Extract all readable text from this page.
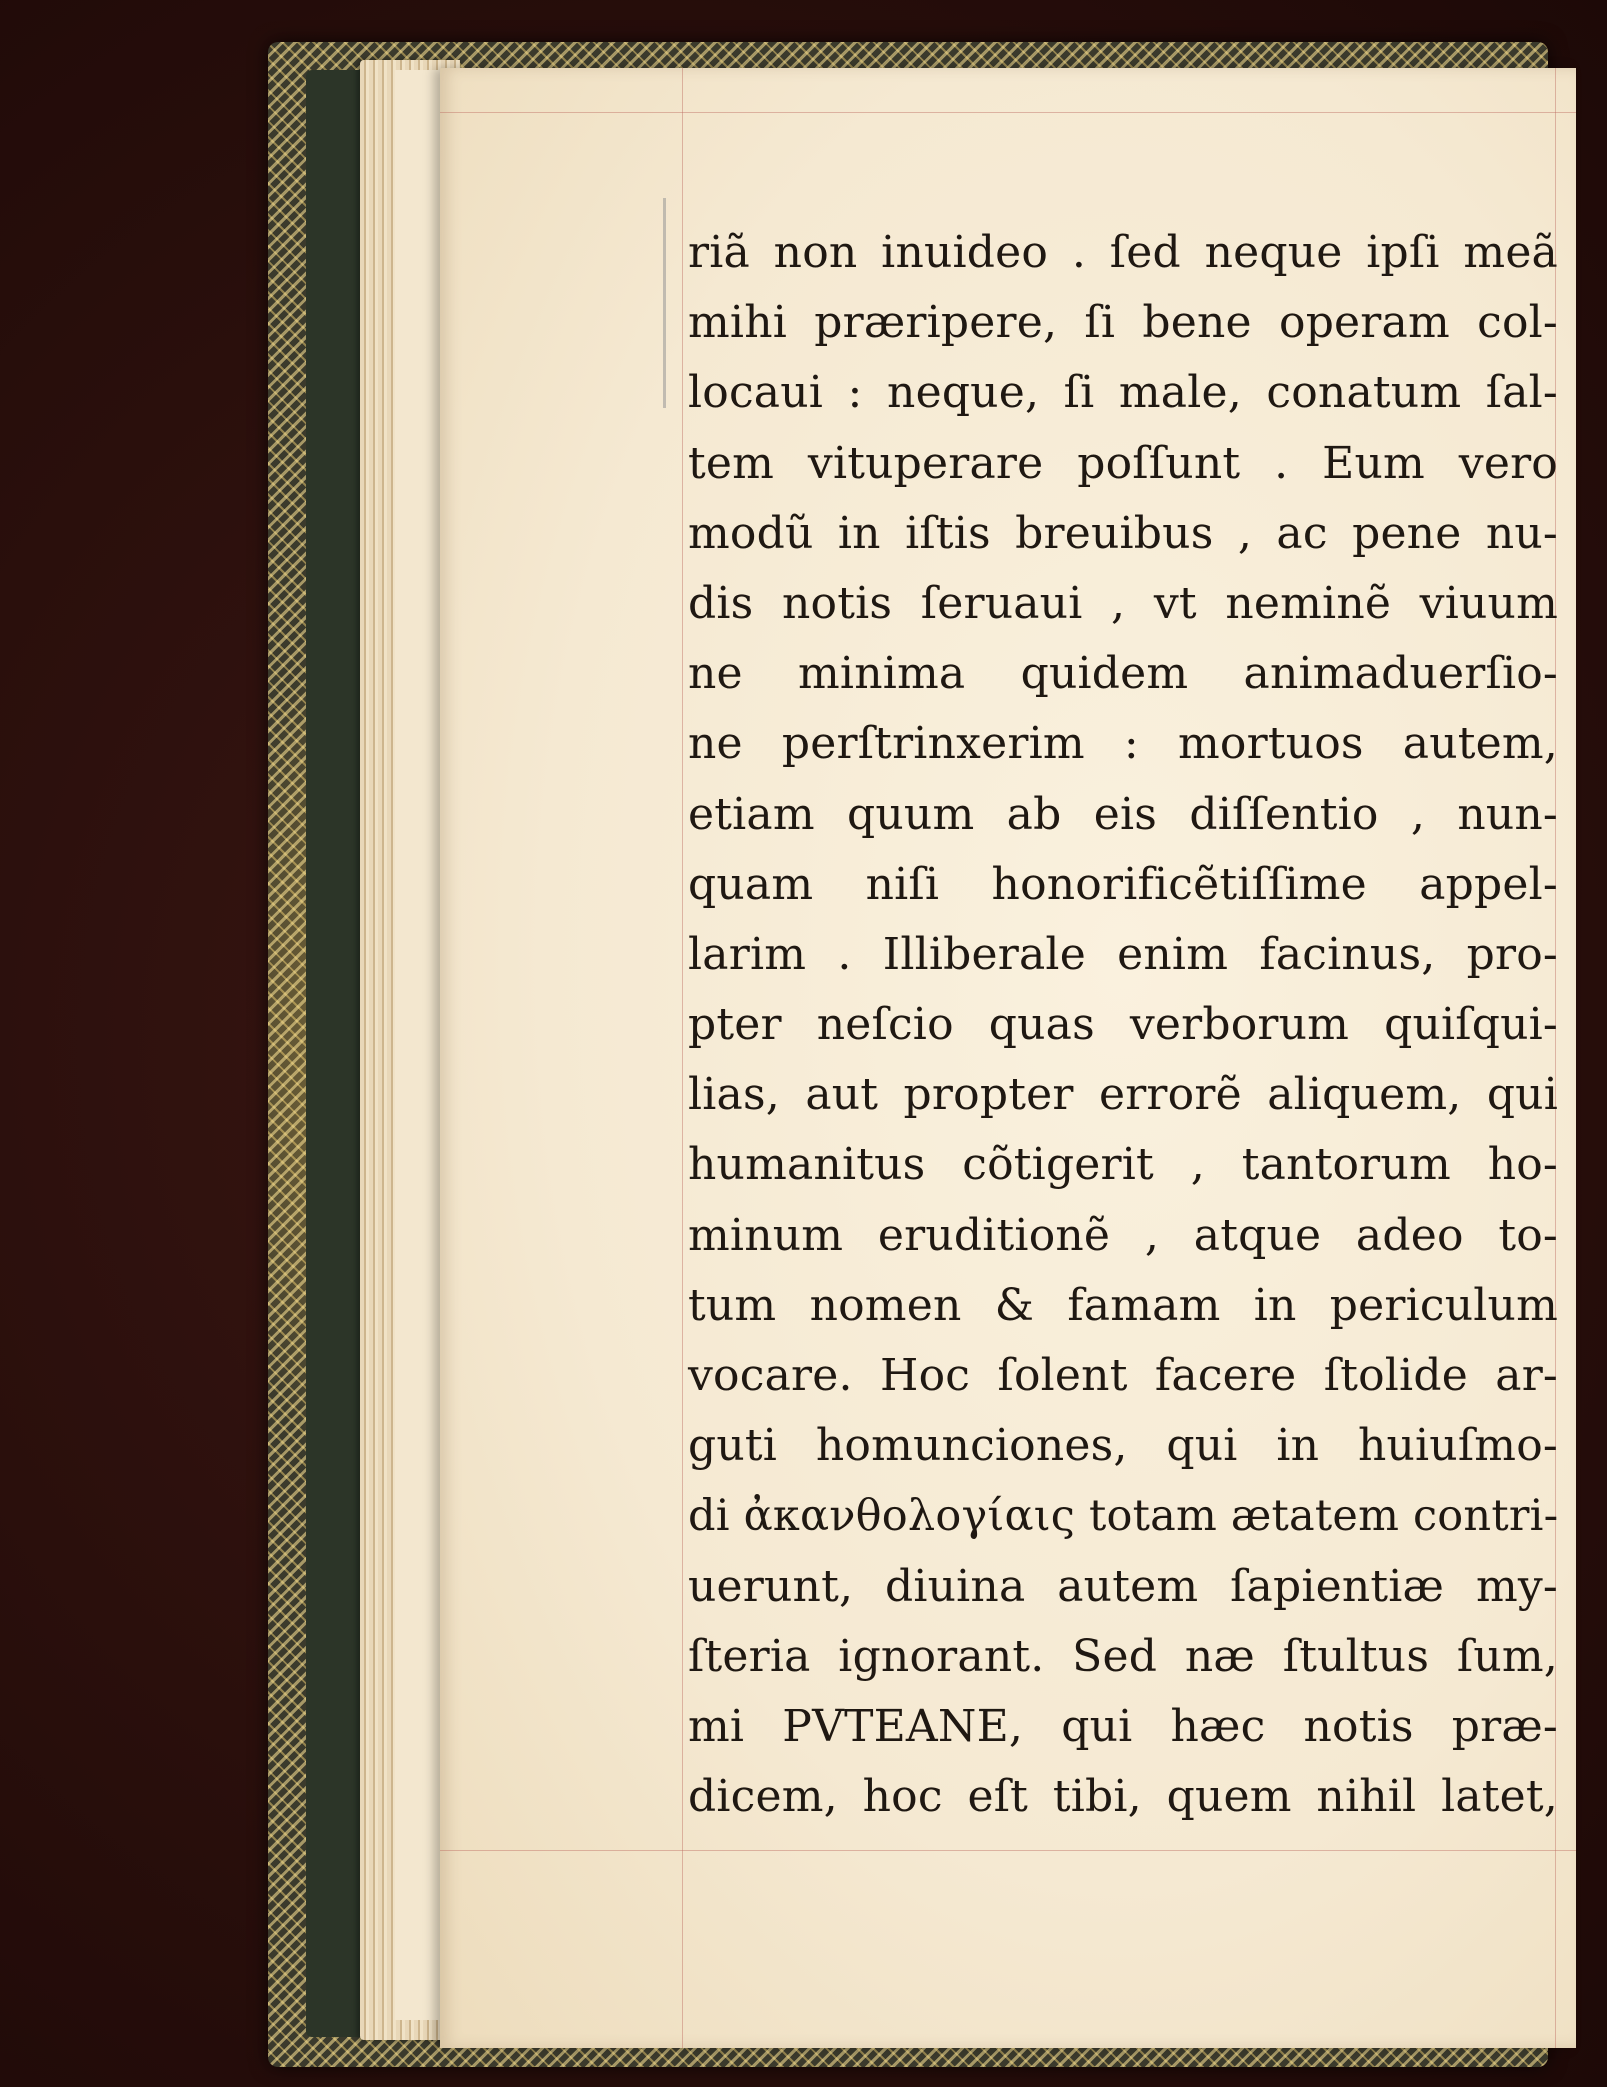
riã non inuideo . ſed neque ipſi meã
mihi præripere, ſi bene operam col-
locaui : neque, ſi male, conatum ſal-
tem vituperare poſſunt . Eum vero
modũ in iſtis breuibus , ac pene nu-
dis notis ſeruaui , vt neminẽ viuum
ne minima quidem animaduerſio-
ne perſtrinxerim : mortuos autem,
etiam quum ab eis diſſentio , nun-
quam niſi honorificẽtiſſime appel-
larim . Illiberale enim facinus, pro-
pter neſcio quas verborum quiſqui-
lias, aut propter errorẽ aliquem, qui
humanitus cõtigerit , tantorum ho-
minum eruditionẽ , atque adeo to-
tum nomen & famam in periculum
vocare. Hoc ſolent facere ſtolide ar-
guti homunciones, qui in huiuſmo-
di ἀκανθολογίαις totam ætatem contri-
uerunt, diuina autem ſapientiæ my-
ſteria ignorant. Sed næ ſtultus ſum,
mi PVTEANE, qui hæc notis præ-
dicem, hoc eſt tibi, quem nihil latet,
